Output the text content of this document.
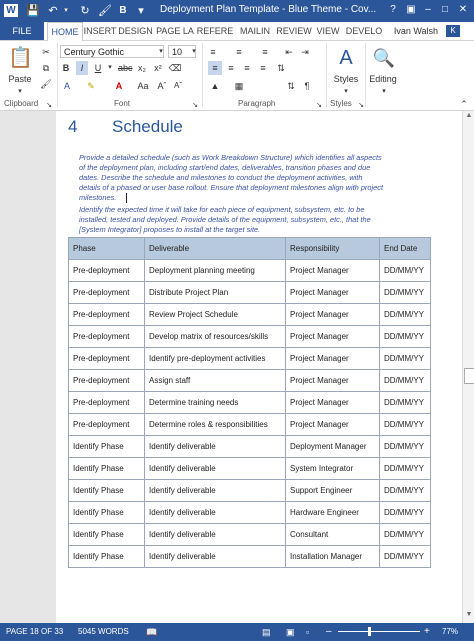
W 💾 ↶ ▾ ↻ 🖌 B	▾	Deployment Plan Template - Blue Theme - Cov...	?	▣ –	□	✕
FILE	HOME INSERT DESIGN PAGE LA REFERE MAILIN REVIEW VIEW DEVELO Ivan Walsh	K
📋
Paste
▾
✂
⧉
🖌
Clipboard ↘
Century Gothic	▾	10	▾
B	I	U ▾ abc x₂ x² ⌫
A	✎	A	Aa Aˆ Aˇ
Font	↘
≡	≡	≡	⇤ ⇥
≡	≡	≡	≡	⇅
▲	▦	⇅	¶
Paragraph	↘
A
Styles
▾
Styles ↘
🔍
Editing
▾
⌃
4 Schedule
Provide a detailed schedule (such as Work Breakdown Structure) which identifies all aspects
of the deployment plan, including start/end dates, deliverables, transition phases and due
dates. Describe the schedule and milestones to conduct the deployment activities, with
details of a phased or user base rollout. Ensure that deployment milestones align with project
milestones.
Identify the expected time it will take for each piece of equipment, subsystem, etc. to be
installed, tested and deployed. Provide details of the equipment, subsystem, etc., that the
[System Integrator] proposes to install at the target site.
Phase	Deliverable	Responsibility	End Date
Pre-deployment	Deployment planning meeting	Project Manager	DD/MM/YY
Pre-deployment	Distribute Project Plan	Project Manager	DD/MM/YY
Pre-deployment	Review Project Schedule	Project Manager	DD/MM/YY
Pre-deployment	Develop matrix of resources/skills	Project Manager	DD/MM/YY
Pre-deployment	Identify pre-deployment activities	Project Manager	DD/MM/YY
Pre-deployment	Assign staff	Project Manager	DD/MM/YY
Pre-deployment	Determine training needs	Project Manager	DD/MM/YY
Pre-deployment	Determine roles & responsibilities	Project Manager	DD/MM/YY
Identify Phase	Identify deliverable	Deployment Manager	DD/MM/YY
Identify Phase	Identify deliverable	System Integrator	DD/MM/YY
Identify Phase	Identify deliverable	Support Engineer	DD/MM/YY
Identify Phase	Identify deliverable	Hardware Engineer	DD/MM/YY
Identify Phase	Identify deliverable	Consultant	DD/MM/YY
Identify Phase	Identify deliverable	Installation Manager	DD/MM/YY
▲
▼
PAGE 18 OF 33 5045 WORDS 📖	▤ ▣ ▫ –	+ 77%
